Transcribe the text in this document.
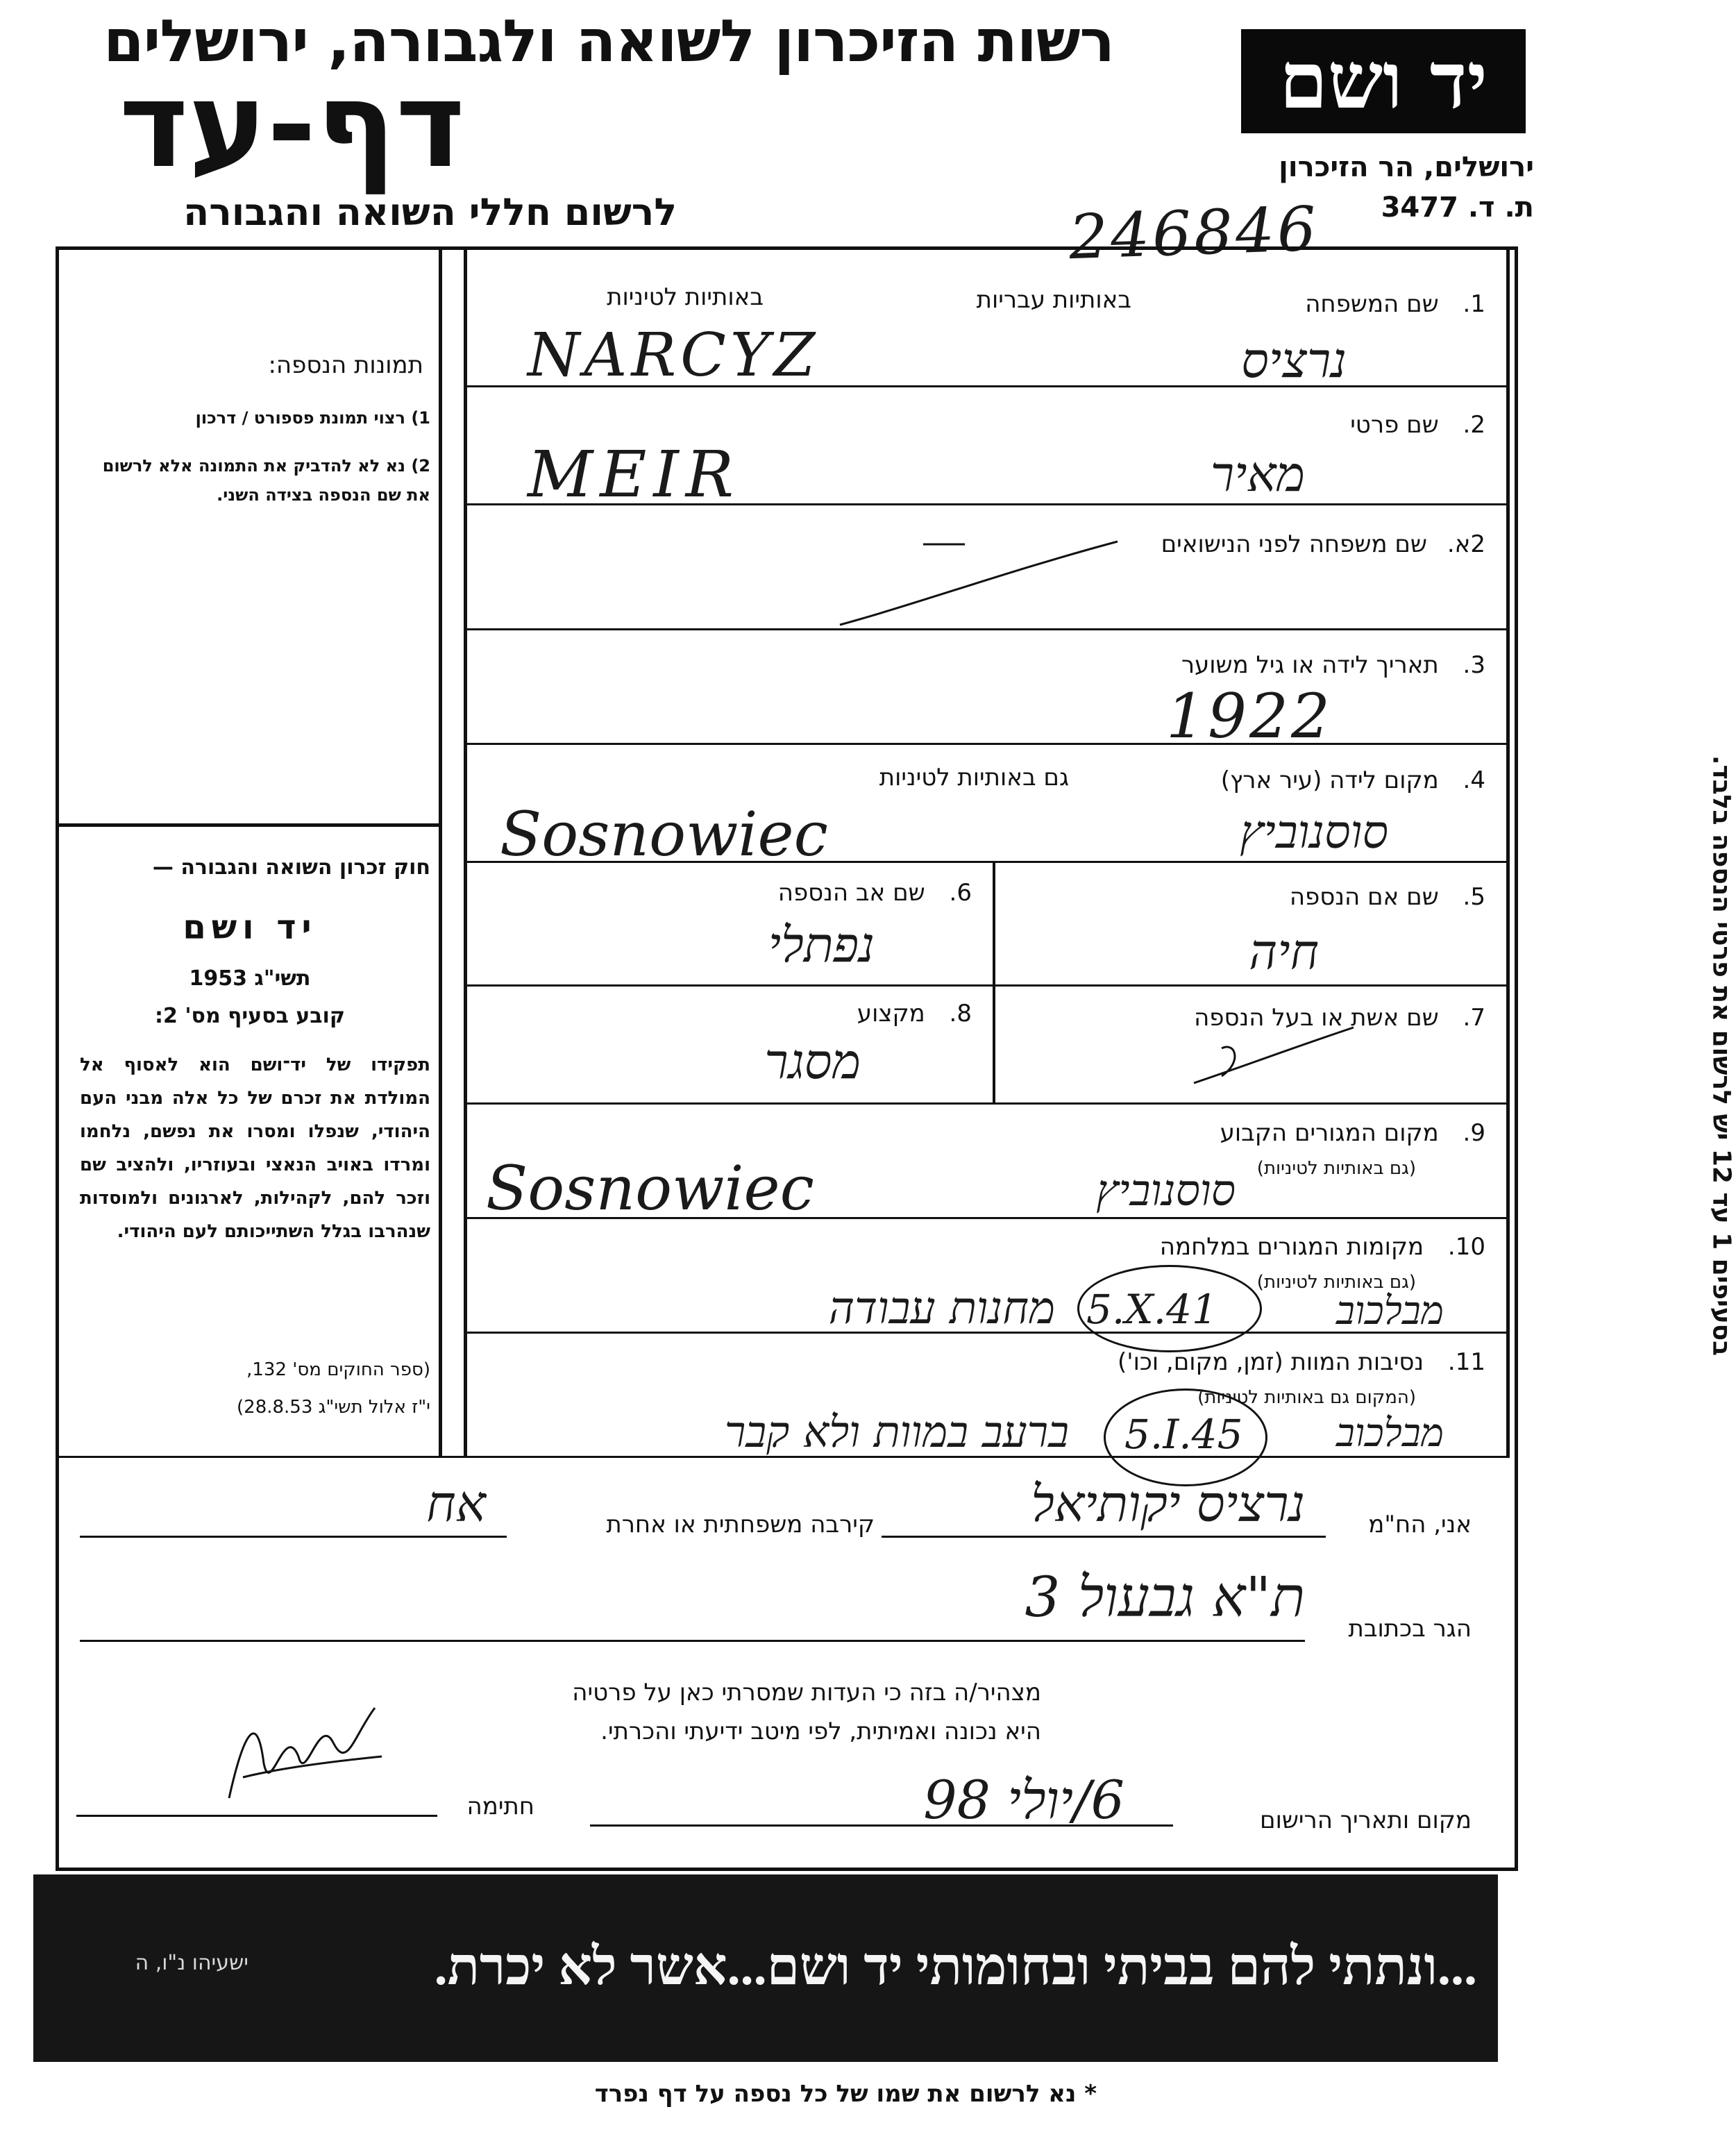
רשות הזיכרון לשואה ולגבורה, ירושלים
דף-עד
לרשום חללי השואה והגבורה
יד ושם
ירושלים, הר הזיכרון
ת. ד. 3477
246846
תמונות הנספה:
1) רצוי תמונת פספורט / דרכון
2) נא לא להדביק את התמונה אלא לרשום את שם הנספה בצידה השני.
חוק זכרון השואה והגבורה —
יד ושם
תשי"ג 1953
קובע בסעיף מס' 2:
תפקידו של יד־ושם הוא לאסוף אל המולדת את זכרם של כל אלה מבני העם היהודי, שנפלו ומסרו את נפשם, נלחמו ומרדו באויב הנאצי ובעוזריו, ולהציב שם וזכר להם, לקהילות, לארגונים ולמוסדות שנהרבו בגלל השתייכותם לעם היהודי.
(ספר החוקים מס' 132,
י"ז אלול תשי"ג 28.8.53)
1. שם המשפחה
באותיות עבריות
באותיות לטיניות
NARCYZ	נרציס
2. שם פרטי
MEIR	מאיר
2א. שם משפחה לפני הנישואים
3. תאריך לידה או גיל משוער
1922
4. מקום לידה (עיר ארץ)
גם באותיות לטיניות
Sosnowiec	סוסנוביץ
5. שם אם הנספה
חיה
6. שם אב הנספה
נפתלי
7. שם אשת או בעל הנספה
8. מקצוע
מסגר
9. מקום המגורים הקבוע
(גם באותיות לטיניות)
Sosnowiec	סוסנוביץ
10. מקומות המגורים במלחמה
(גם באותיות לטיניות)
מחנות עבודה 5.X.41	מבלכוב
11. נסיבות המוות (זמן, מקום, וכו')
(המקום גם באותיות לטיניות)
ברעב במוות ולא קבר 5.I.45	מבלכוב
בסעיפים 1 עד 12 יש לרשום את פרטי הנספה בלבד.
אני, הח"מ
נרציס יקותיאל
קירבה משפחתית או אחרת
אח
הגר בכתובת
ת"א גבעול 3
מצהיר/ה בזה כי העדות שמסרתי כאן על פרטיה
היא נכונה ואמיתית, לפי מיטב ידיעתי והכרתי.
חתימה	6/יולי 98	מקום ותאריך הרישום
...ונתתי להם בביתי ובחומותי יד ושם...אשר לא יכרת.
ישעיהו נ"ו, ה
* נא לרשום את שמו של כל נספה על דף נפרד
